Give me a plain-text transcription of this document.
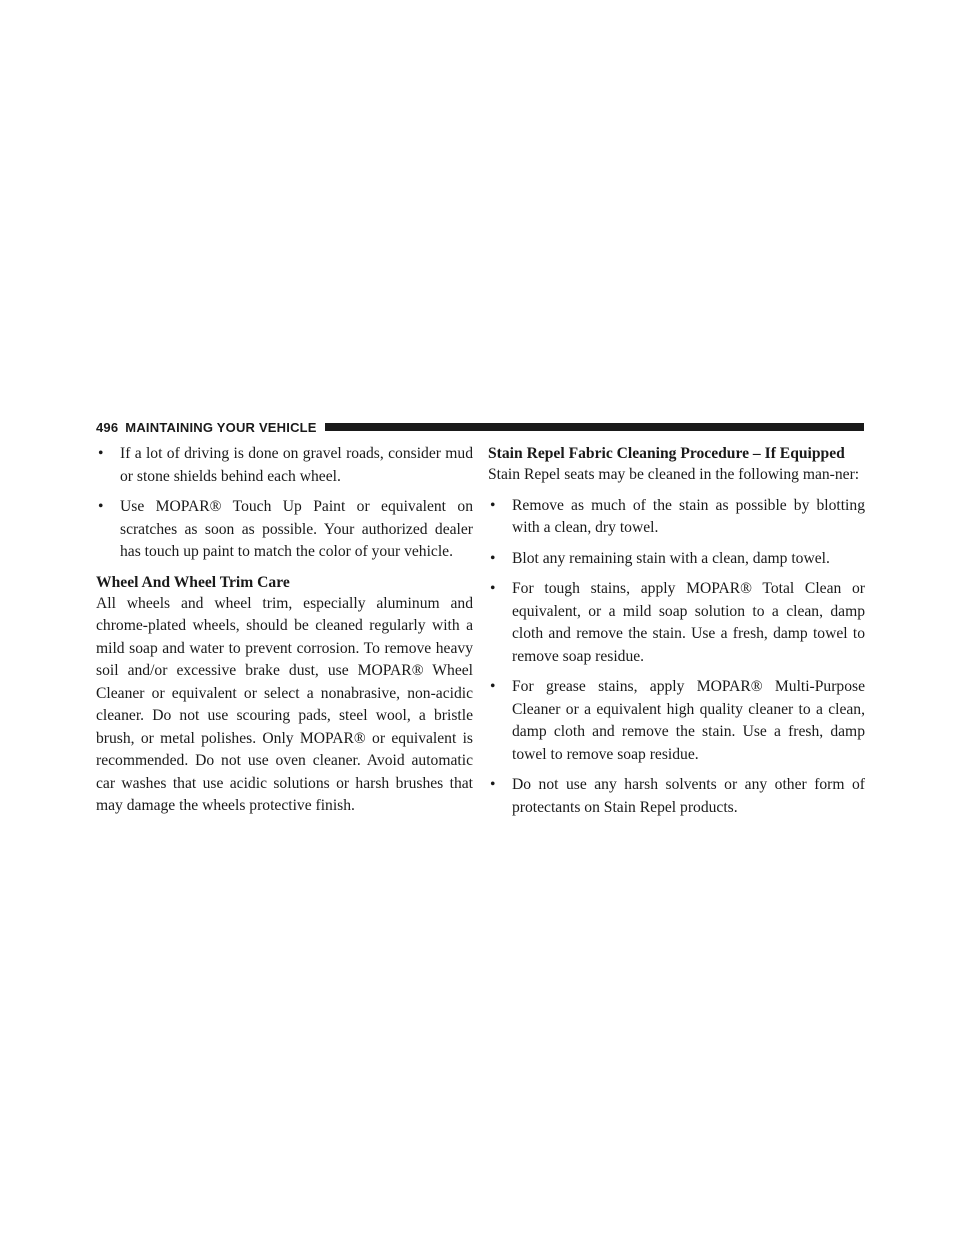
496 MAINTAINING YOUR VEHICLE
• If a lot of driving is done on gravel roads, consider mud or stone shields behind each wheel.
• Use MOPAR® Touch Up Paint or equivalent on scratches as soon as possible. Your authorized dealer has touch up paint to match the color of your vehicle.
Wheel And Wheel Trim Care

All wheels and wheel trim, especially aluminum and chrome-plated wheels, should be cleaned regularly with a mild soap and water to prevent corrosion. To remove heavy soil and/or excessive brake dust, use MOPAR® Wheel Cleaner or equivalent or select a nonabrasive, non-acidic cleaner. Do not use scouring pads, steel wool, a bristle brush, or metal polishes. Only MOPAR® or equivalent is recommended. Do not use oven cleaner. Avoid automatic car washes that use acidic solutions or harsh brushes that may damage the wheels protective finish.

Stain Repel Fabric Cleaning Procedure – If Equipped

Stain Repel seats may be cleaned in the following man-ner:

• Remove as much of the stain as possible by blotting with a clean, dry towel.
• Blot any remaining stain with a clean, damp towel.
• For tough stains, apply MOPAR® Total Clean or equivalent, or a mild soap solution to a clean, damp cloth and remove the stain. Use a fresh, damp towel to remove soap residue.
• For grease stains, apply MOPAR® Multi-Purpose Cleaner or a equivalent high quality cleaner to a clean, damp cloth and remove the stain. Use a fresh, damp towel to remove soap residue.
• Do not use any harsh solvents or any other form of protectants on Stain Repel products.
